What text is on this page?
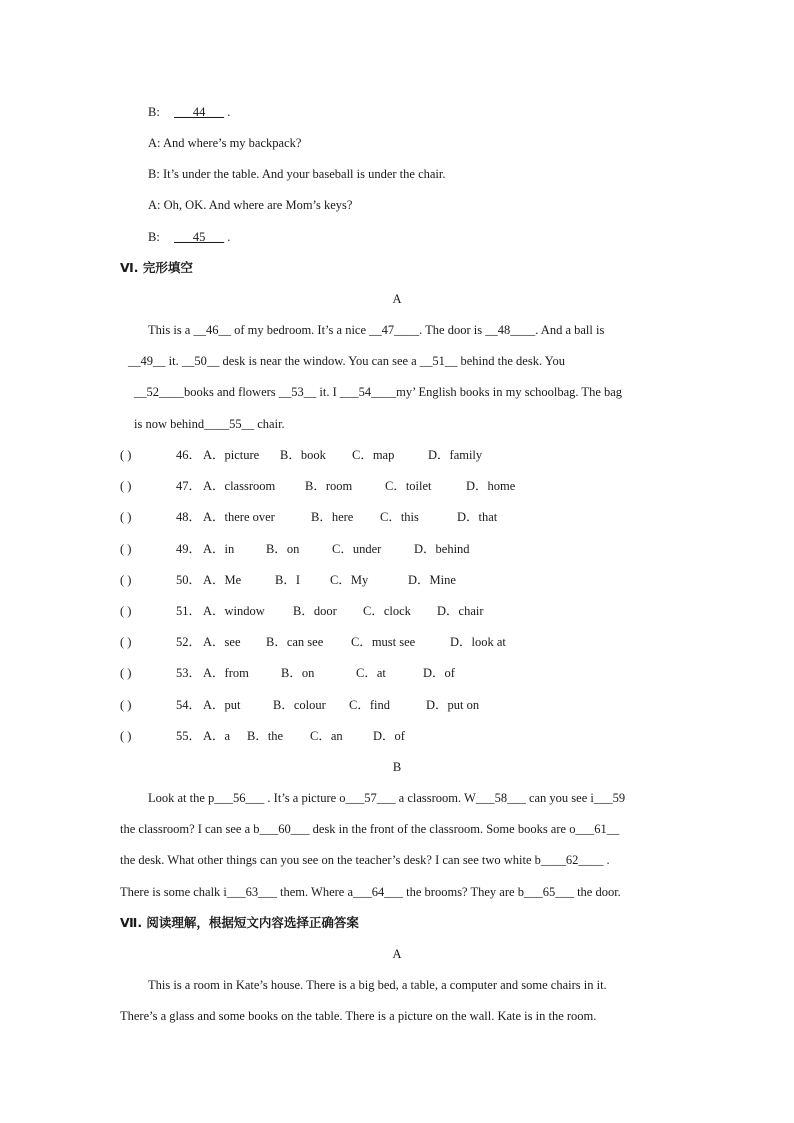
B: ___44___ .
A: And where’s my backpack?
B: It’s under the table. And your baseball is under the chair.
A: Oh, OK. And where are Mom’s keys?
B: ___45___ .
Ⅵ. 完形填空
A
This is a __46__ of my bedroom. It’s a nice __47____. The door is __48____. And a ball is
__49__ it. __50__ desk is near the window. You can see a __51__ behind the desk. You
__52____books and flowers __53__ it. I ___54____my’ English books in my schoolbag. The bag
is now behind____55__ chair.
( )	46． A．picture B．book C．map	D．family
( )	47． A．classroom B．room	C．toilet	D．home
( )	48． A．there over	B．here C．this	D．that
( )	49． A．in	B．on	C．under	D．behind
( )	50． A．Me	B．I C．My	D．Mine
( )	51． A．window B．door C．clock D．chair
( )	52． A．see B．can see C．must see	D．look at
( )	53． A．from	B．on	C．at	D．of
( )	54． A．put	B．colour C．find	D．put on
( )	55． A．a B．the C．an D．of
B
Look at the p___56___ . It’s a picture o___57___ a classroom. W___58___ can you see i___59
the classroom? I can see a b___60___ desk in the front of the classroom. Some books are o___61__
the desk. What other things can you see on the teacher’s desk? I can see two white b____62____ .
There is some chalk i___63___ them. Where a___64___ the brooms? They are b___65___ the door.
Ⅶ. 阅读理解，根据短文内容选择正确答案
A
This is a room in Kate’s house. There is a big bed, a table, a computer and some chairs in it.
There’s a glass and some books on the table. There is a picture on the wall. Kate is in the room.
